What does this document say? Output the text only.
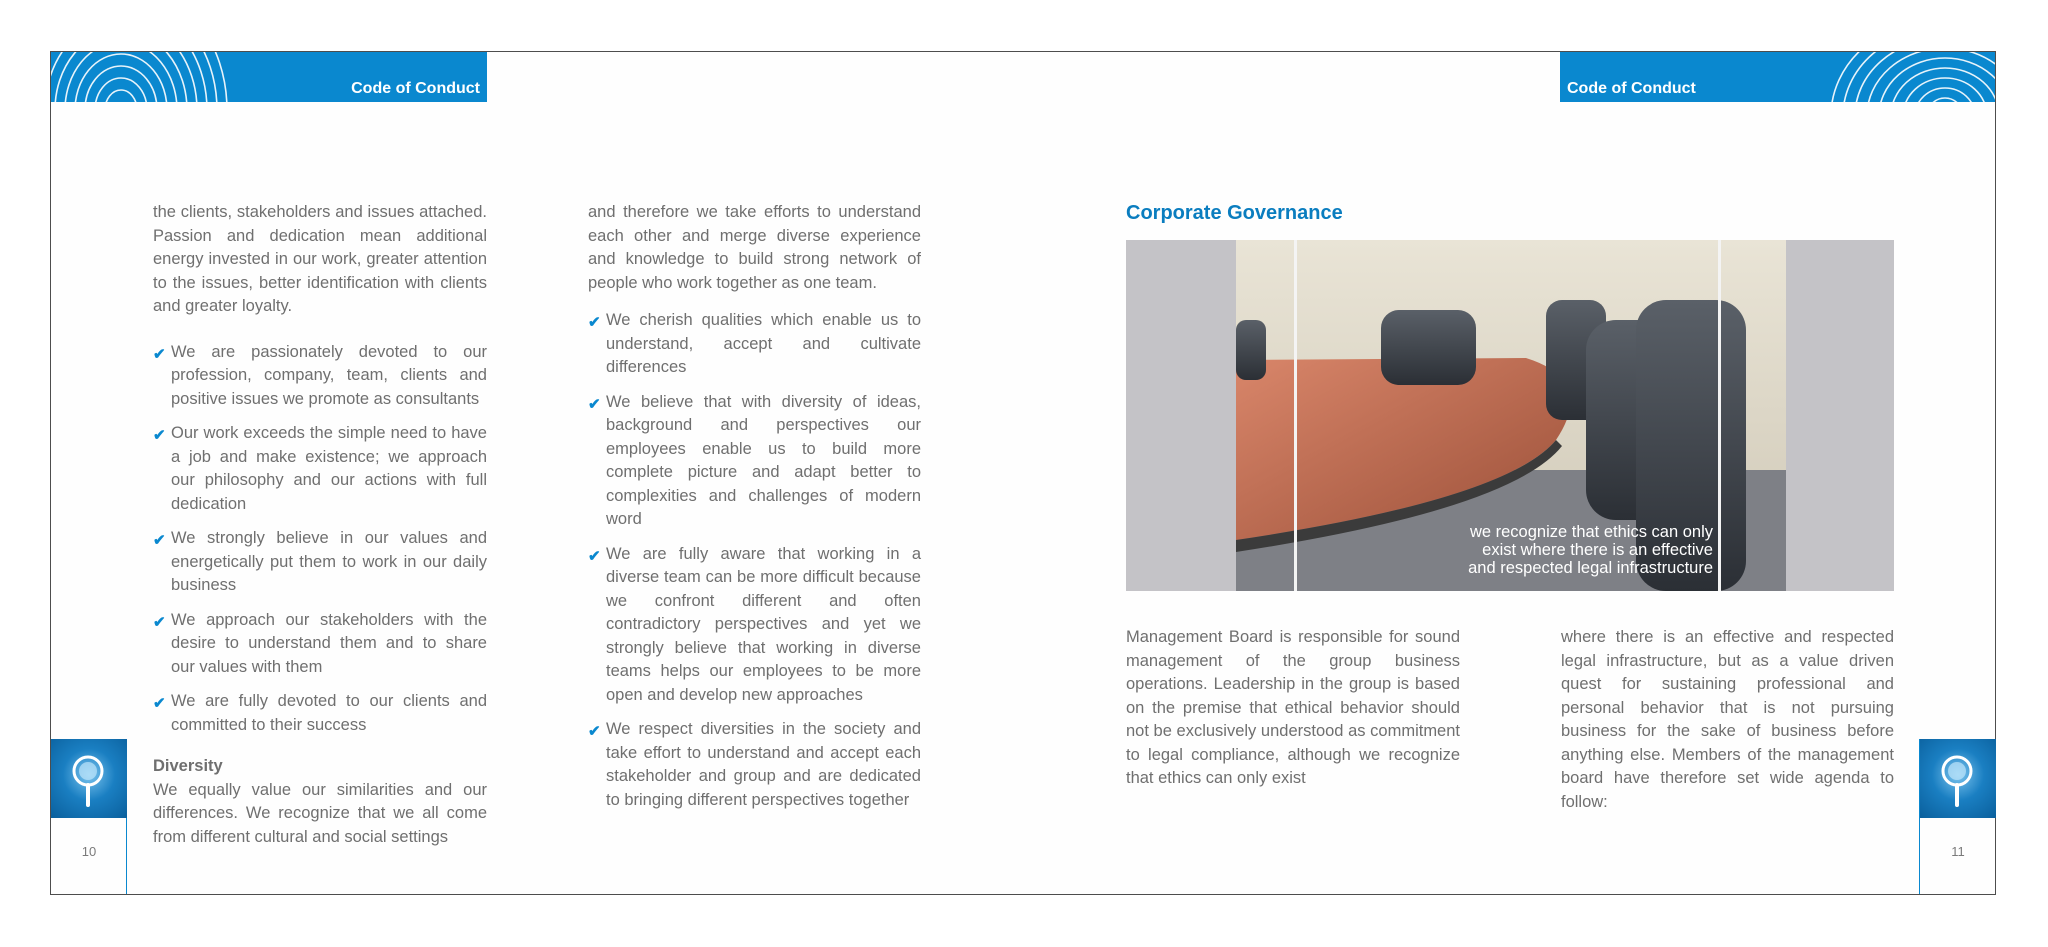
Code of Conduct	Code of Conduct
10	11

the clients, stakeholders and issues attached. Passion and dedication mean additional energy invested in our work, greater attention to the issues, better identification with clients and greater loyalty.

✔ We are passionately devoted to our profession, company, team, clients and positive issues we promote as consultants
✔ Our work exceeds the simple need to have a job and make existence; we approach our philosophy and our actions with full dedication
✔ We strongly believe in our values and energetically put them to work in our daily business
✔ We approach our stakeholders with the desire to understand them and to share our values with them
✔ We are fully devoted to our clients and committed to their success

Diversity

We equally value our similarities and our differences. We recognize that we all come from different cultural and social settings

and therefore we take efforts to understand each other and merge diverse experience and knowledge to build strong network of people who work together as one team.

✔ We cherish qualities which enable us to understand, accept and cultivate differences
✔ We believe that with diversity of ideas, background and perspectives our employees enable us to build more complete picture and adapt better to complexities and challenges of modern word
✔ We are fully aware that working in a diverse team can be more difficult because we confront different and often contradictory perspectives and yet we strongly believe that working in diverse teams helps our employees to be more open and develop new approaches
✔ We respect diversities in the society and take effort to understand and accept each stakeholder and group and are dedicated to bringing different perspectives together
Corporate Governance
we recognize that ethics can only
exist where there is an effective
and respected legal infrastructure

Management Board is responsible for sound management of the group business operations. Leadership in the group is based on the premise that ethical behavior should not be exclusively understood as commitment to legal compliance, although we recognize that ethics can only exist

where there is an effective and respected legal infrastructure, but as a value driven quest for sustaining professional and personal behavior that is not pursuing business for the sake of business before anything else. Members of the management board have therefore set wide agenda to follow:
